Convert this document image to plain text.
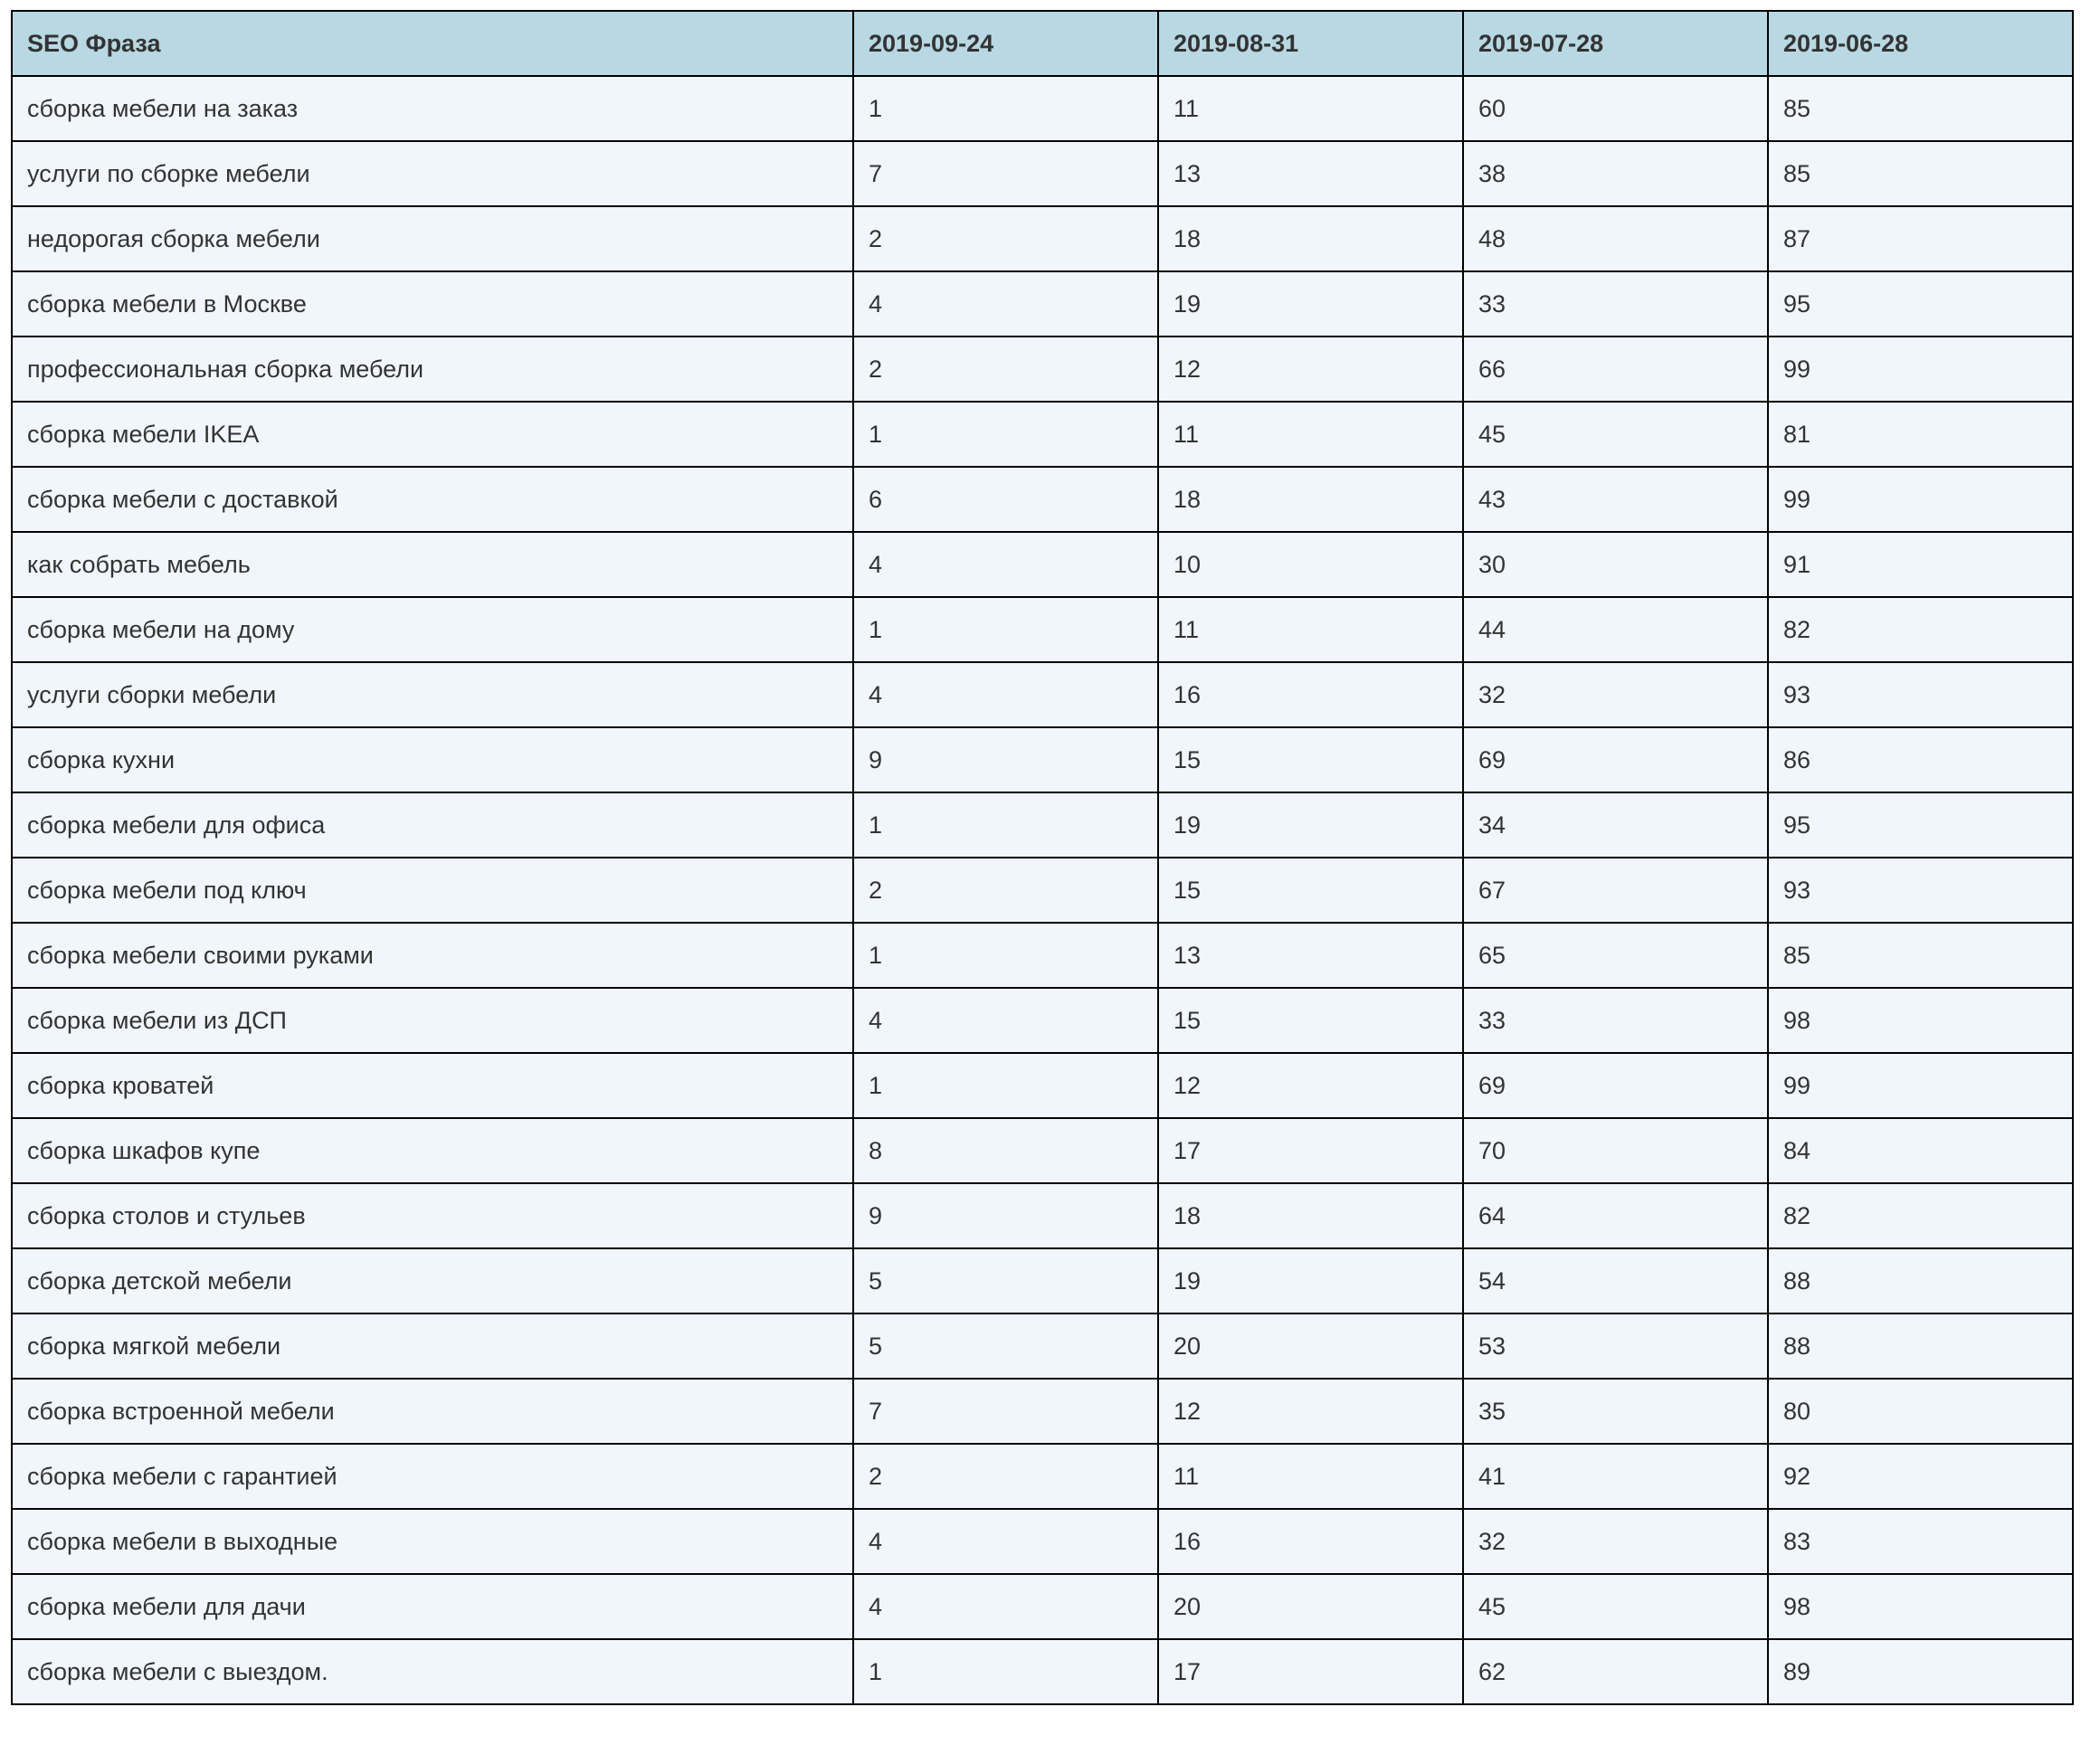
SEO Фраза	2019-09-24	2019-08-31	2019-07-28	2019-06-28
сборка мебели на заказ	1	11	60	85
услуги по сборке мебели	7	13	38	85
недорогая сборка мебели	2	18	48	87
сборка мебели в Москве	4	19	33	95
профессиональная сборка мебели	2	12	66	99
сборка мебели IKEA	1	11	45	81
сборка мебели с доставкой	6	18	43	99
как собрать мебель	4	10	30	91
сборка мебели на дому	1	11	44	82
услуги сборки мебели	4	16	32	93
сборка кухни	9	15	69	86
сборка мебели для офиса	1	19	34	95
сборка мебели под ключ	2	15	67	93
сборка мебели своими руками	1	13	65	85
сборка мебели из ДСП	4	15	33	98
сборка кроватей	1	12	69	99
сборка шкафов купе	8	17	70	84
сборка столов и стульев	9	18	64	82
сборка детской мебели	5	19	54	88
сборка мягкой мебели	5	20	53	88
сборка встроенной мебели	7	12	35	80
сборка мебели с гарантией	2	11	41	92
сборка мебели в выходные	4	16	32	83
сборка мебели для дачи	4	20	45	98
сборка мебели с выездом.	1	17	62	89
